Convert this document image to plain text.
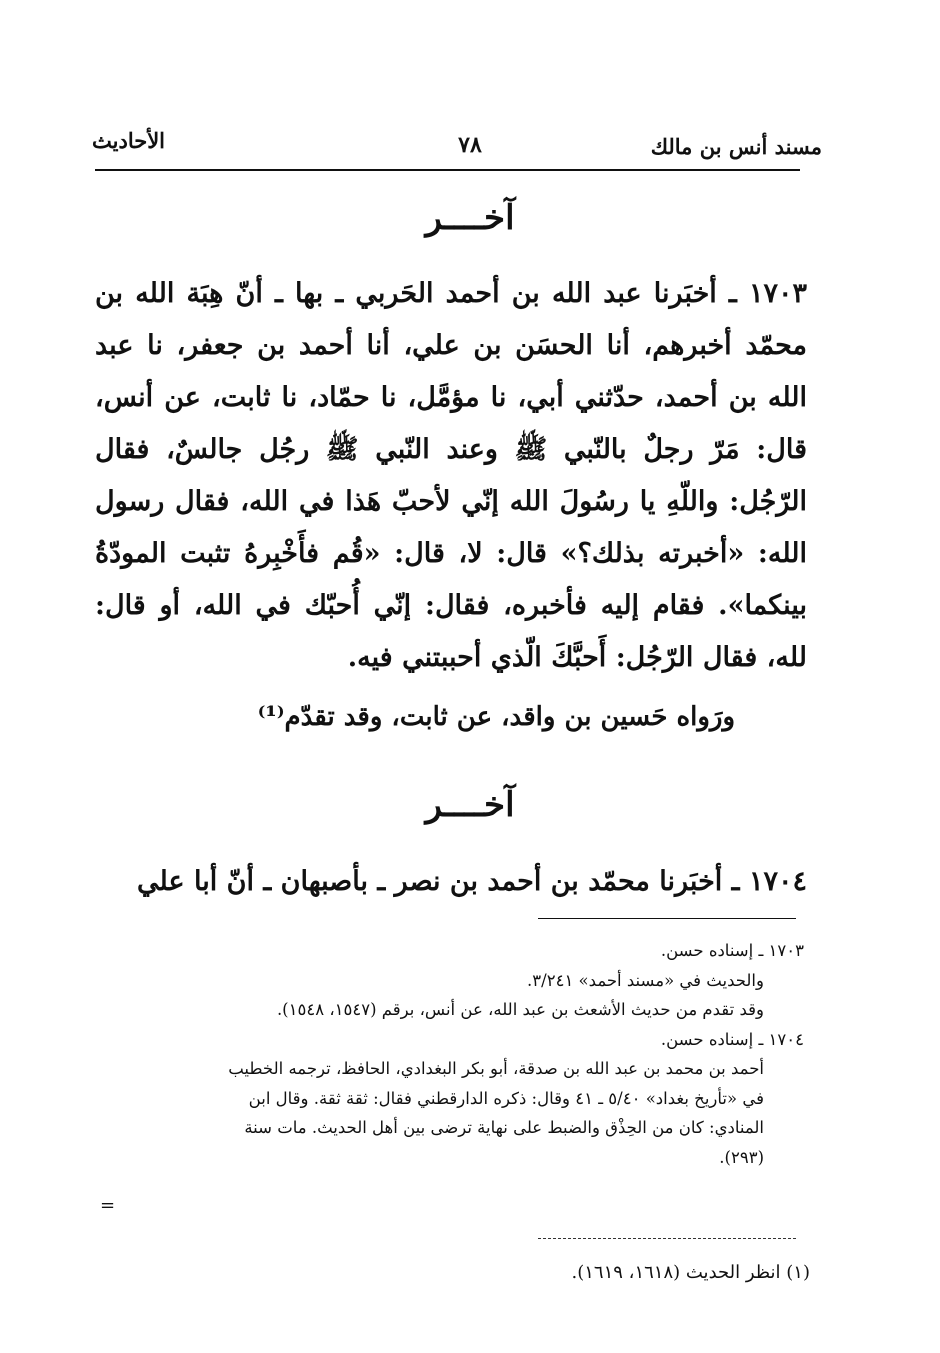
مسند أنس بن مالك
٧٨
الأحاديث
آخــــر
١٧٠٣ ـ أخبَرنا عبد الله بن أحمد الحَربي ـ بها ـ أنّ هِبَة الله بن محمّد أخبرهم، أنا الحسَن بن علي، أنا أحمد بن جعفر، نا عبد الله بن أحمد، حدّثني أبي، نا مؤمَّل، نا حمّاد، نا ثابت، عن أنس، قال: مَرّ رجلٌ بالنّبي ﷺ وعند النّبي ﷺ رجُل جالسٌ، فقال الرّجُل: واللّهِ يا رسُولَ الله إنّي لأحبّ هَذا في الله، فقال رسول الله: «أخبرته بذلك؟» قال: لا، قال: «قُم فأَخْبِرهُ تثبت المودّةُ بينكما». فقام إليه فأخبره، فقال: إنّي أُحبّك في الله، أو قال: لله، فقال الرّجُل: أَحبَّكَ الّذي أحببتني فيه.
ورَواه حَسين بن واقد، عن ثابت، وقد تقدّم⁽¹⁾
آخــــر
١٧٠٤ ـ أخبَرنا محمّد بن أحمد بن نصر ـ بأصبهان ـ أنّ أبا علي
١٧٠٣ ـ إسناده حسن.
والحديث في «مسند أحمد» ٣/٢٤١.
وقد تقدم من حديث الأشعث بن عبد الله، عن أنس، برقم (١٥٤٧، ١٥٤٨).
١٧٠٤ ـ إسناده حسن.
أحمد بن محمد بن عبد الله بن صدقة، أبو بكر البغدادي، الحافظ، ترجمه الخطيب
في «تأريخ بغداد» ٥/٤٠ ـ ٤١ وقال: ذكره الدارقطني فقال: ثقة ثقة. وقال ابن
المنادي: كان من الحِذْق والضبط على نهاية ترضى بين أهل الحديث. مات سنة
(٢٩٣).
=
(١) انظر الحديث (١٦١٨، ١٦١٩).
